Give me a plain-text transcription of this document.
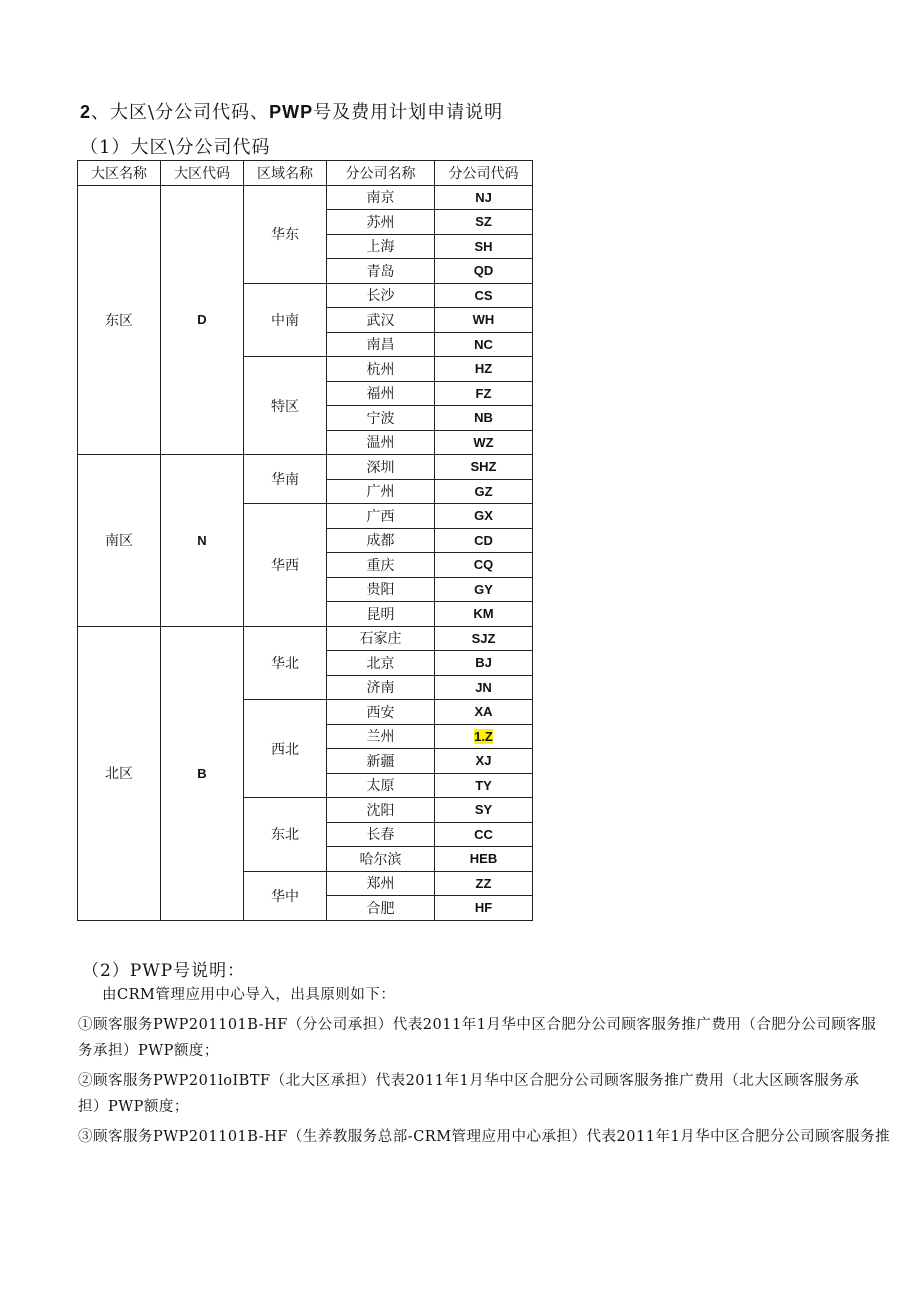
2、大区\分公司代码、PWP号及费用计划申请说明
（1）大区\分公司代码
大区名称	大区代码	区域名称	分公司名称	分公司代码
东区	D	华东	南京	NJ
			苏州	SZ
			上海	SH
			青岛	QD
		中南	长沙	CS
			武汉	WH
			南昌	NC
		特区	杭州	HZ
			福州	FZ
			宁波	NB
			温州	WZ
南区	N	华南	深圳	SHZ
			广州	GZ
		华西	广西	GX
			成都	CD
			重庆	CQ
			贵阳	GY
			昆明	KM
北区	B	华北	石家庄	SJZ
			北京	BJ
			济南	JN
		西北	西安	XA
			兰州	1.Z
			新疆	XJ
			太原	TY
		东北	沈阳	SY
			长春	CC
			哈尔滨	HEB
		华中	郑州	ZZ
			合肥	HF
（2）PWP号说明：
由CRM管理应用中心导入，出具原则如下：
①顾客服务PWP201101B-HF（分公司承担）代表2011年1月华中区合肥分公司顾客服务推广费用（合肥分公司顾客服务承担）PWP额度；
②顾客服务PWP201loIBTF（北大区承担）代表2011年1月华中区合肥分公司顾客服务推广费用（北大区顾客服务承担）PWP额度；
③顾客服务PWP201101B-HF（生养教服务总部-CRM管理应用中心承担）代表2011年1月华中区合肥分公司顾客服务推
